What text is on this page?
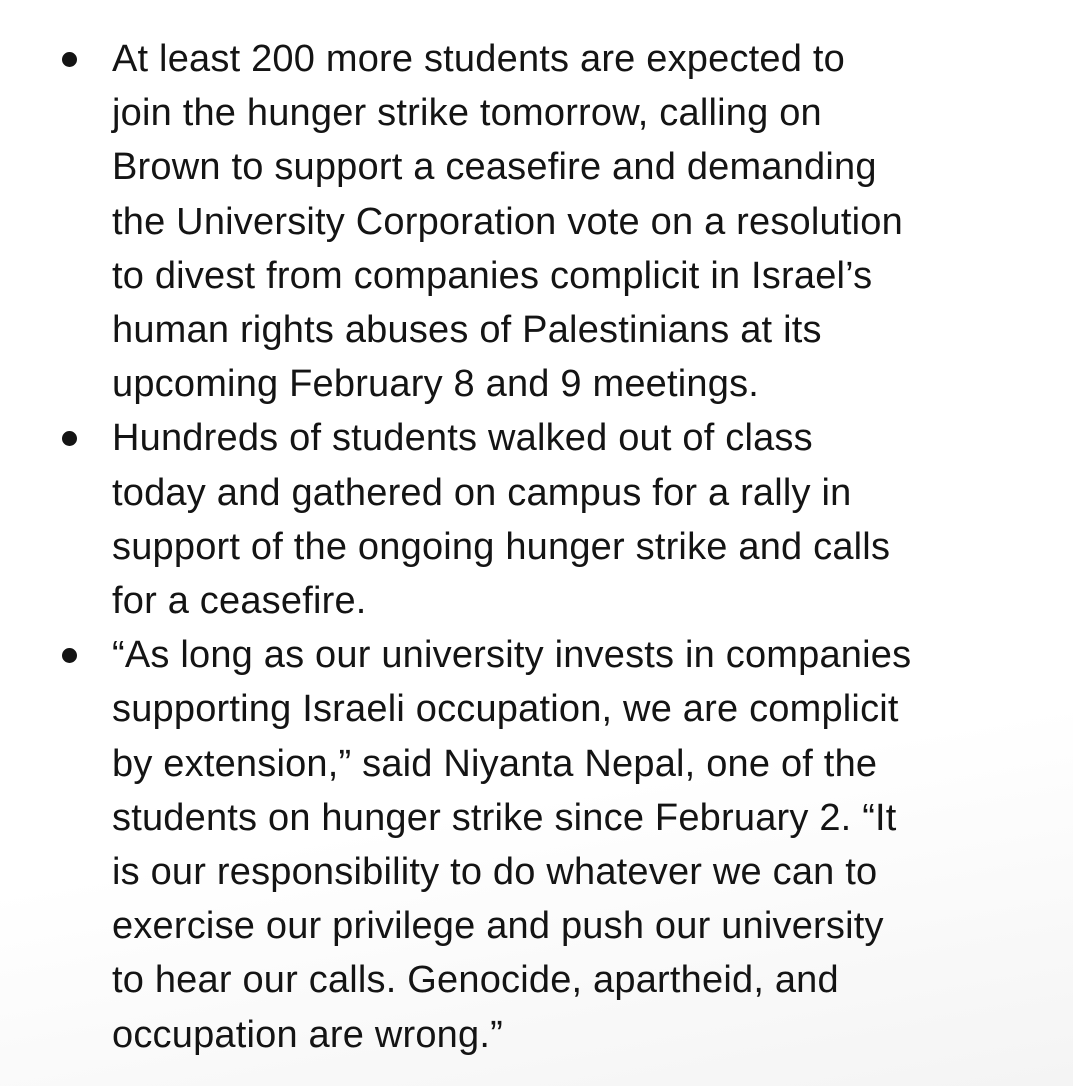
At least 200 more students are expected to
join the hunger strike tomorrow, calling on
Brown to support a ceasefire and demanding
the University Corporation vote on a resolution
to divest from companies complicit in Israel’s
human rights abuses of Palestinians at its
upcoming February 8 and 9 meetings.
Hundreds of students walked out of class
today and gathered on campus for a rally in
support of the ongoing hunger strike and calls
for a ceasefire.
“As long as our university invests in companies
supporting Israeli occupation, we are complicit
by extension,” said Niyanta Nepal, one of the
students on hunger strike since February 2. “It
is our responsibility to do whatever we can to
exercise our privilege and push our university
to hear our calls. Genocide, apartheid, and
occupation are wrong.”
